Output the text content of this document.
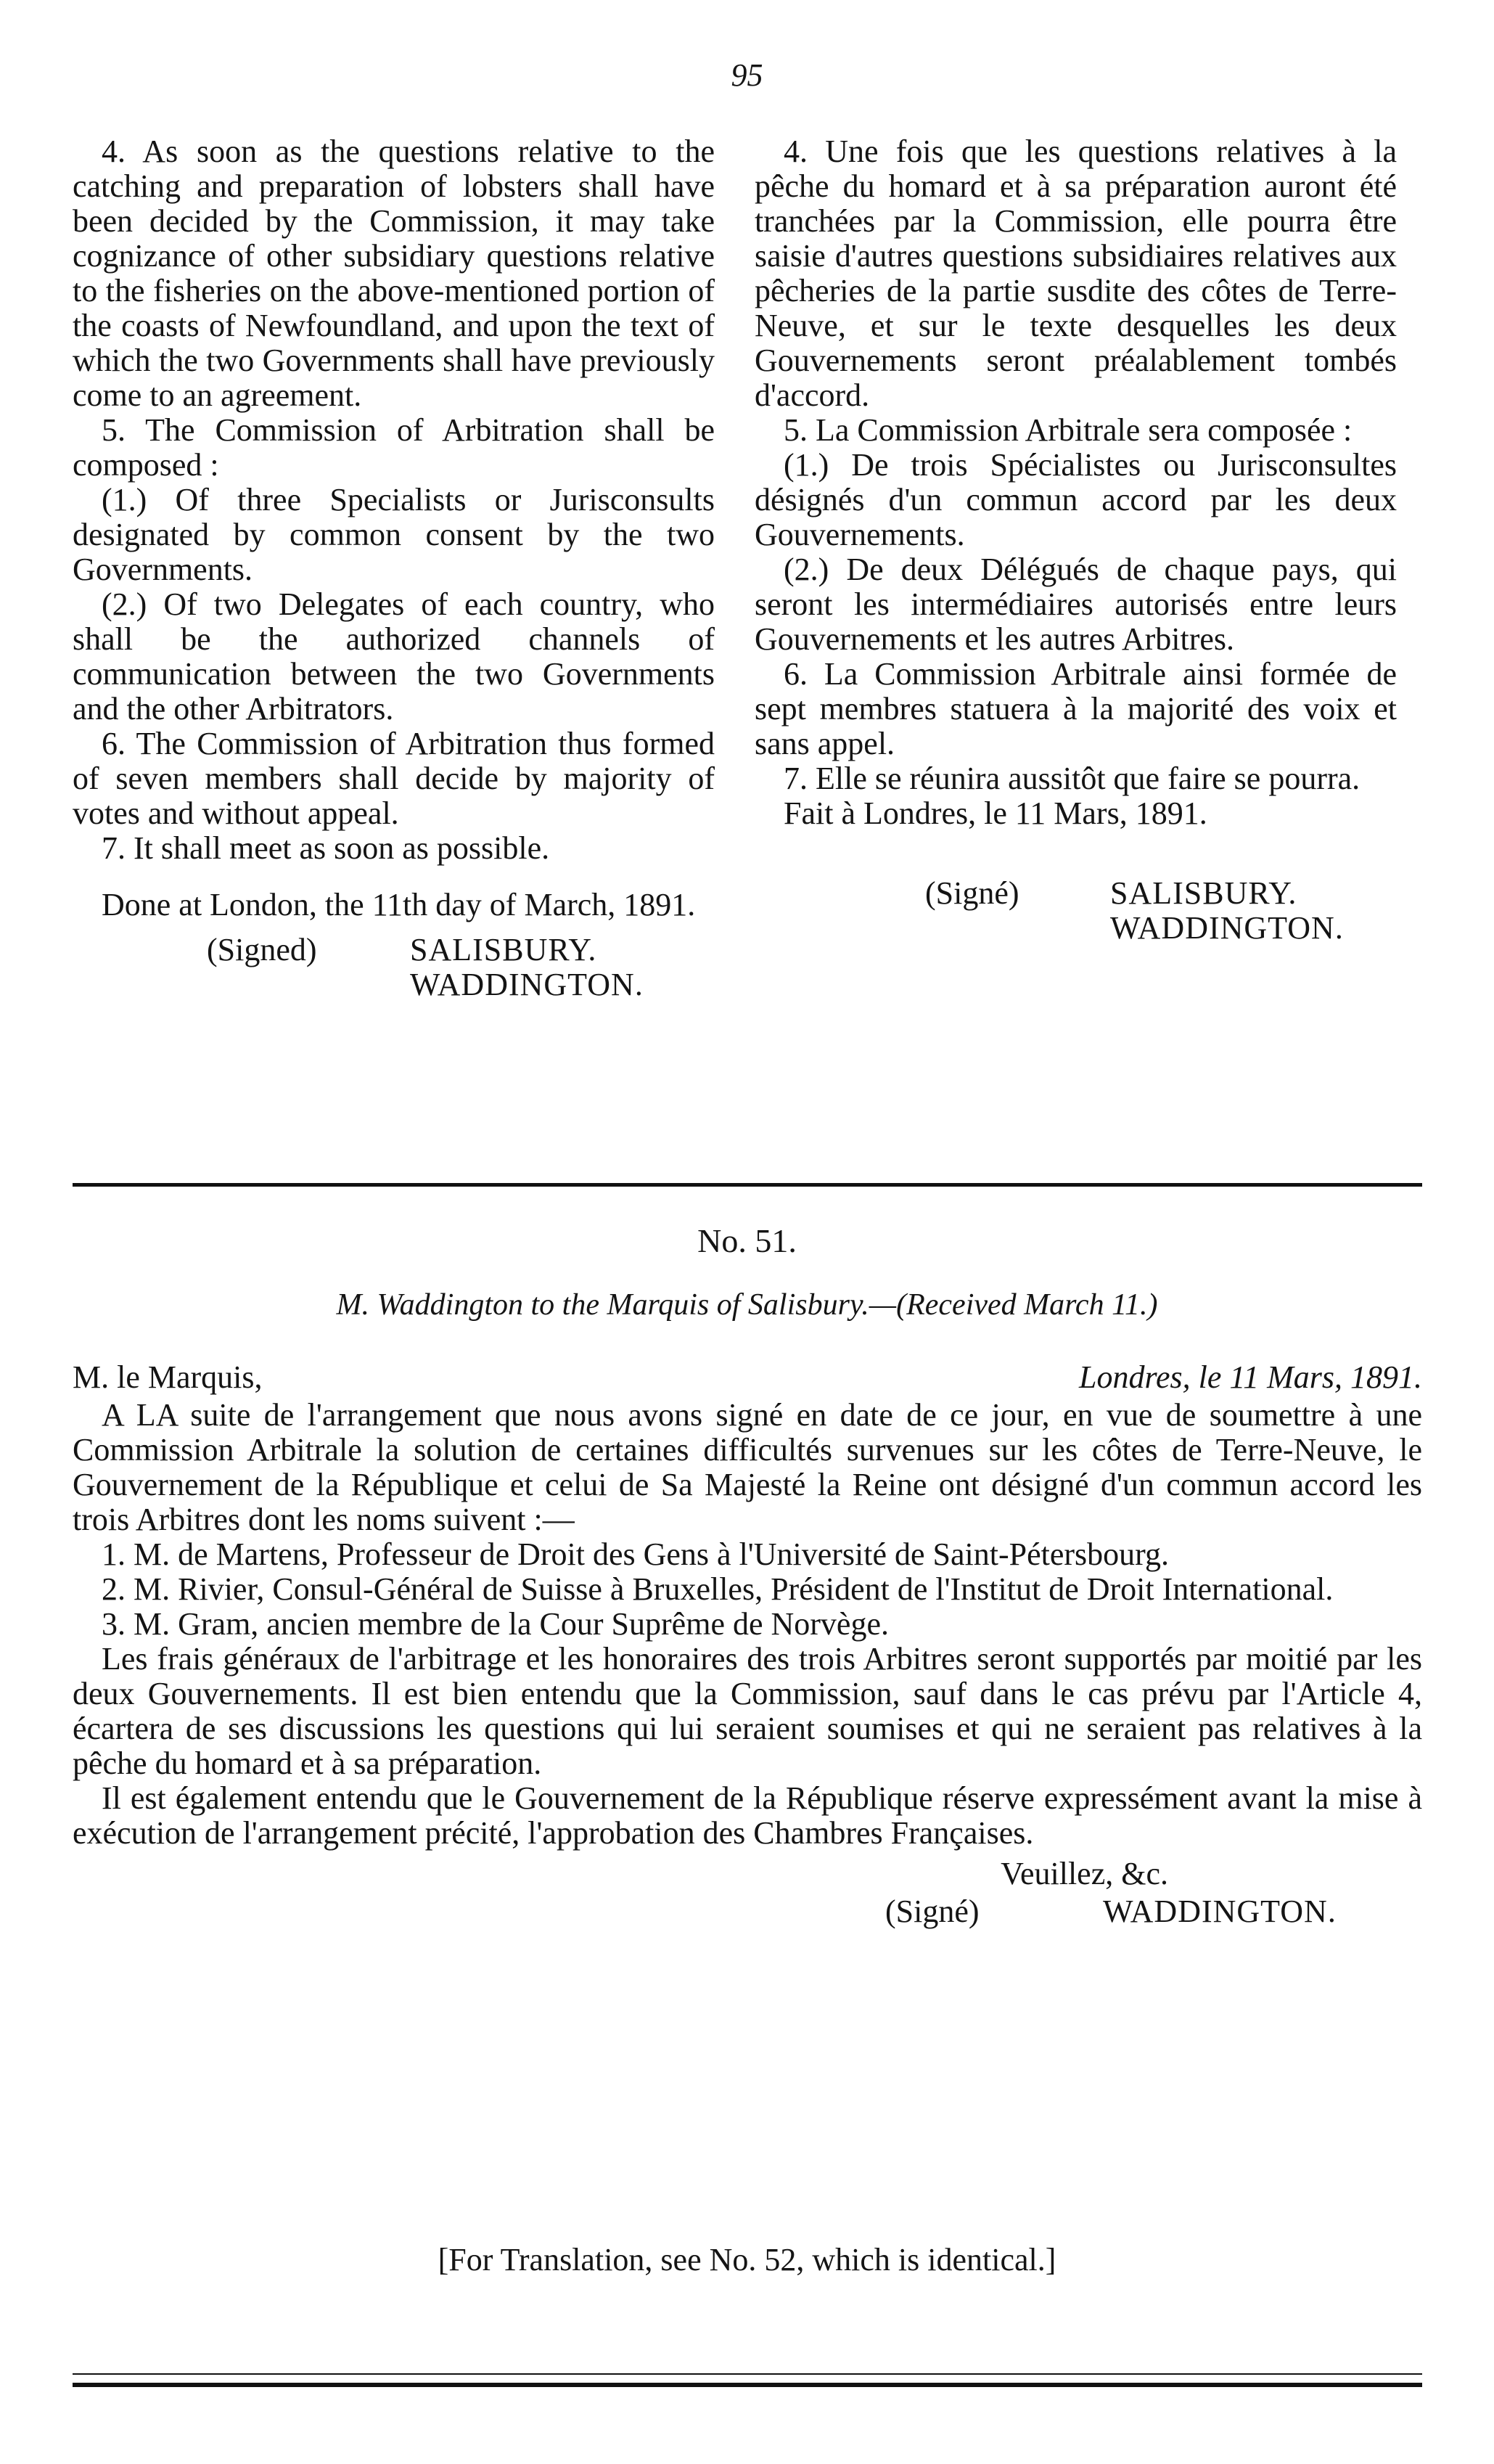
95

4. As soon as the questions relative to the catching and preparation of lobsters shall have been decided by the Commission, it may take cognizance of other subsidiary questions relative to the fisheries on the above-mentioned portion of the coasts of Newfoundland, and upon the text of which the two Governments shall have previously come to an agreement.

5. The Commission of Arbitration shall be composed :

(1.) Of three Specialists or Jurisconsults designated by common consent by the two Governments.

(2.) Of two Delegates of each country, who shall be the authorized channels of communication between the two Governments and the other Arbitrators.

6. The Commission of Arbitration thus formed of seven members shall decide by majority of votes and without appeal.

7. It shall meet as soon as possible.

Done at London, the 11th day of March, 1891.

(Signed)	SALISBURY.
WADDINGTON.

4. Une fois que les questions relatives à la pêche du homard et à sa préparation auront été tranchées par la Commission, elle pourra être saisie d'autres questions subsidiaires relatives aux pêcheries de la partie susdite des côtes de Terre-Neuve, et sur le texte desquelles les deux Gouvernements seront préalablement tombés d'accord.

5. La Commission Arbitrale sera composée :

(1.) De trois Spécialistes ou Jurisconsultes désignés d'un commun accord par les deux Gouvernements.

(2.) De deux Délégués de chaque pays, qui seront les intermédiaires autorisés entre leurs Gouvernements et les autres Arbitres.

6. La Commission Arbitrale ainsi formée de sept membres statuera à la majorité des voix et sans appel.

7. Elle se réunira aussitôt que faire se pourra.

Fait à Londres, le 11 Mars, 1891.

(Signé)	SALISBURY.
WADDINGTON.
No. 51.
M. Waddington to the Marquis of Salisbury.—(Received March 11.)
M. le Marquis,	Londres, le 11 Mars, 1891.

A LA suite de l'arrangement que nous avons signé en date de ce jour, en vue de soumettre à une Commission Arbitrale la solution de certaines difficultés survenues sur les côtes de Terre-Neuve, le Gouvernement de la République et celui de Sa Majesté la Reine ont désigné d'un commun accord les trois Arbitres dont les noms suivent :—

1. M. de Martens, Professeur de Droit des Gens à l'Université de Saint-Pétersbourg.

2. M. Rivier, Consul-Général de Suisse à Bruxelles, Président de l'Institut de Droit International.

3. M. Gram, ancien membre de la Cour Suprême de Norvège.

Les frais généraux de l'arbitrage et les honoraires des trois Arbitres seront supportés par moitié par les deux Gouvernements. Il est bien entendu que la Commission, sauf dans le cas prévu par l'Article 4, écartera de ses discussions les questions qui lui seraient soumises et qui ne seraient pas relatives à la pêche du homard et à sa préparation.

Il est également entendu que le Gouvernement de la République réserve expressément avant la mise à exécution de l'arrangement précité, l'approbation des Chambres Françaises.

Veuillez, &c.
(Signé)	WADDINGTON.
[For Translation, see No. 52, which is identical.]
